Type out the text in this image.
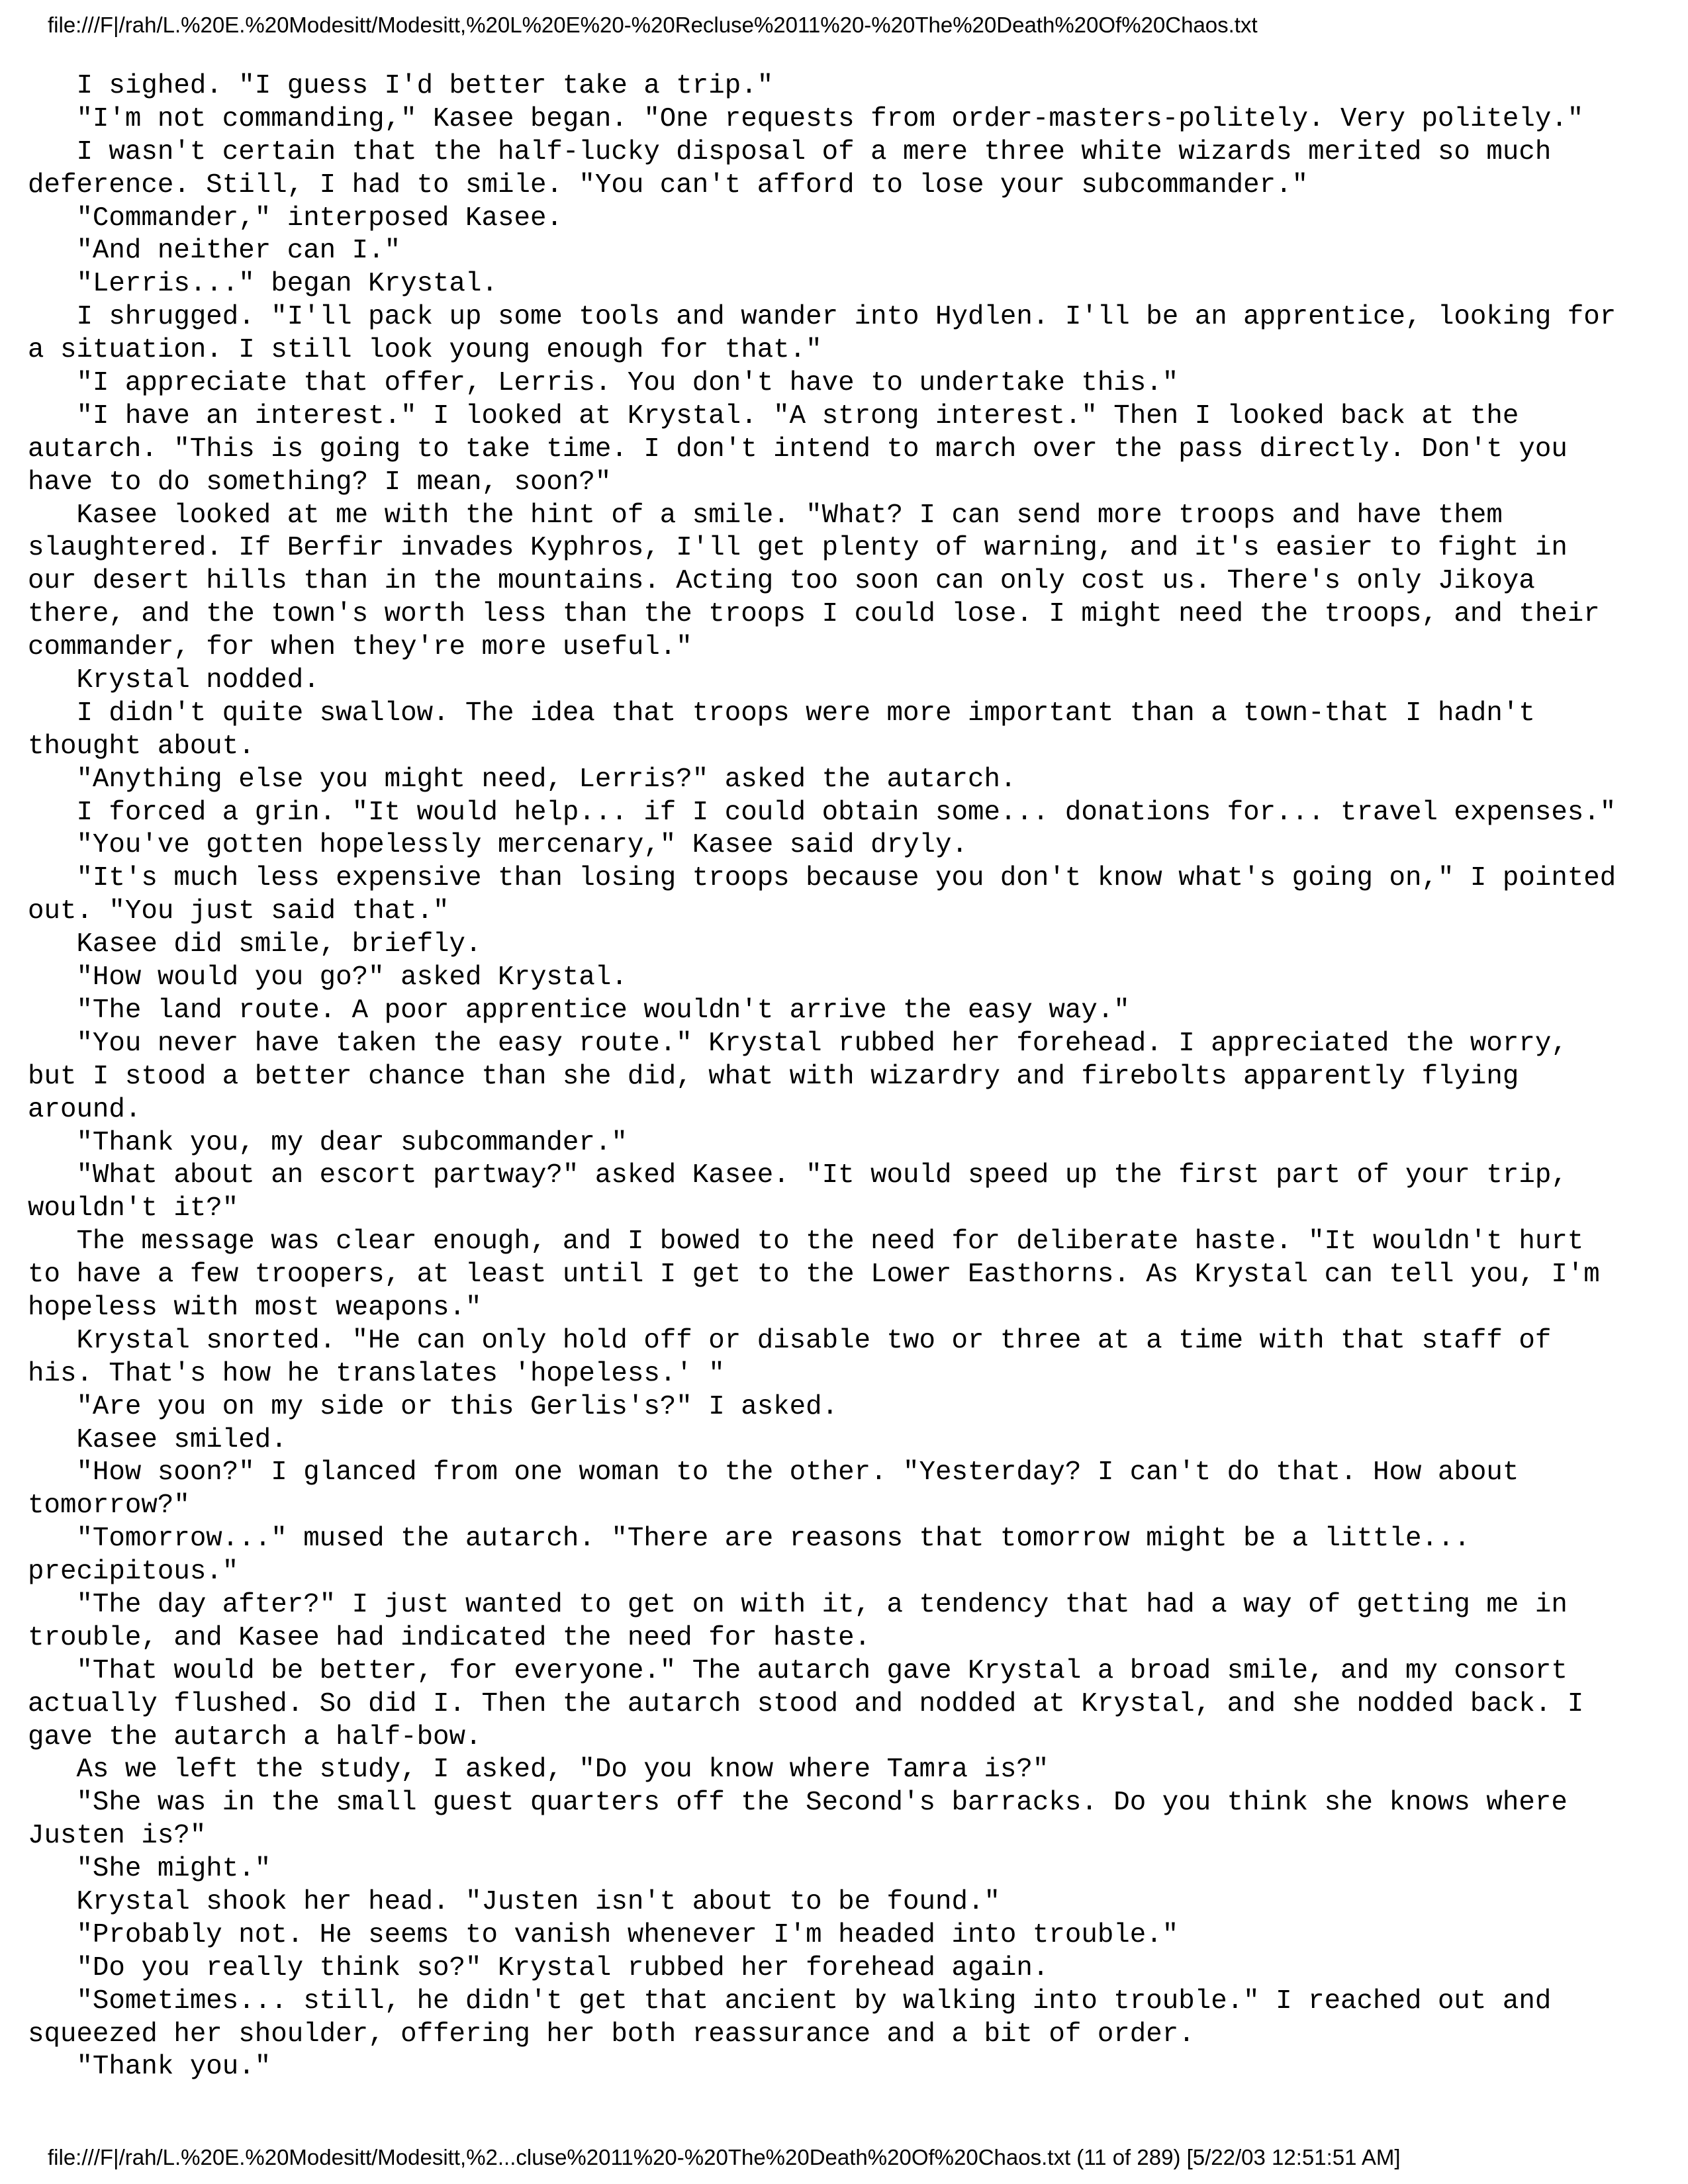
file:///F|/rah/L.%20E.%20Modesitt/Modesitt,%20L%20E%20-%20Recluse%2011%20-%20The%20Death%20Of%20Chaos.txt
I sighed. "I guess I'd better take a trip."
"I'm not commanding," Kasee began. "One requests from order-masters-politely. Very politely."
I wasn't certain that the half-lucky disposal of a mere three white wizards merited so much
deference. Still, I had to smile. "You can't afford to lose your subcommander."
"Commander," interposed Kasee.
"And neither can I."
"Lerris..." began Krystal.
I shrugged. "I'll pack up some tools and wander into Hydlen. I'll be an apprentice, looking for
a situation. I still look young enough for that."
"I appreciate that offer, Lerris. You don't have to undertake this."
"I have an interest." I looked at Krystal. "A strong interest." Then I looked back at the
autarch. "This is going to take time. I don't intend to march over the pass directly. Don't you
have to do something? I mean, soon?"
Kasee looked at me with the hint of a smile. "What? I can send more troops and have them
slaughtered. If Berfir invades Kyphros, I'll get plenty of warning, and it's easier to fight in
our desert hills than in the mountains. Acting too soon can only cost us. There's only Jikoya
there, and the town's worth less than the troops I could lose. I might need the troops, and their
commander, for when they're more useful."
Krystal nodded.
I didn't quite swallow. The idea that troops were more important than a town-that I hadn't
thought about.
"Anything else you might need, Lerris?" asked the autarch.
I forced a grin. "It would help... if I could obtain some... donations for... travel expenses."
"You've gotten hopelessly mercenary," Kasee said dryly.
"It's much less expensive than losing troops because you don't know what's going on," I pointed
out. "You just said that."
Kasee did smile, briefly.
"How would you go?" asked Krystal.
"The land route. A poor apprentice wouldn't arrive the easy way."
"You never have taken the easy route." Krystal rubbed her forehead. I appreciated the worry,
but I stood a better chance than she did, what with wizardry and firebolts apparently flying
around.
"Thank you, my dear subcommander."
"What about an escort partway?" asked Kasee. "It would speed up the first part of your trip,
wouldn't it?"
The message was clear enough, and I bowed to the need for deliberate haste. "It wouldn't hurt
to have a few troopers, at least until I get to the Lower Easthorns. As Krystal can tell you, I'm
hopeless with most weapons."
Krystal snorted. "He can only hold off or disable two or three at a time with that staff of
his. That's how he translates 'hopeless.' "
"Are you on my side or this Gerlis's?" I asked.
Kasee smiled.
"How soon?" I glanced from one woman to the other. "Yesterday? I can't do that. How about
tomorrow?"
"Tomorrow..." mused the autarch. "There are reasons that tomorrow might be a little...
precipitous."
"The day after?" I just wanted to get on with it, a tendency that had a way of getting me in
trouble, and Kasee had indicated the need for haste.
"That would be better, for everyone." The autarch gave Krystal a broad smile, and my consort
actually flushed. So did I. Then the autarch stood and nodded at Krystal, and she nodded back. I
gave the autarch a half-bow.
As we left the study, I asked, "Do you know where Tamra is?"
"She was in the small guest quarters off the Second's barracks. Do you think she knows where
Justen is?"
"She might."
Krystal shook her head. "Justen isn't about to be found."
"Probably not. He seems to vanish whenever I'm headed into trouble."
"Do you really think so?" Krystal rubbed her forehead again.
"Sometimes... still, he didn't get that ancient by walking into trouble." I reached out and
squeezed her shoulder, offering her both reassurance and a bit of order.
"Thank you."
file:///F|/rah/L.%20E.%20Modesitt/Modesitt,%2...cluse%2011%20-%20The%20Death%20Of%20Chaos.txt (11 of 289) [5/22/03 12:51:51 AM]
